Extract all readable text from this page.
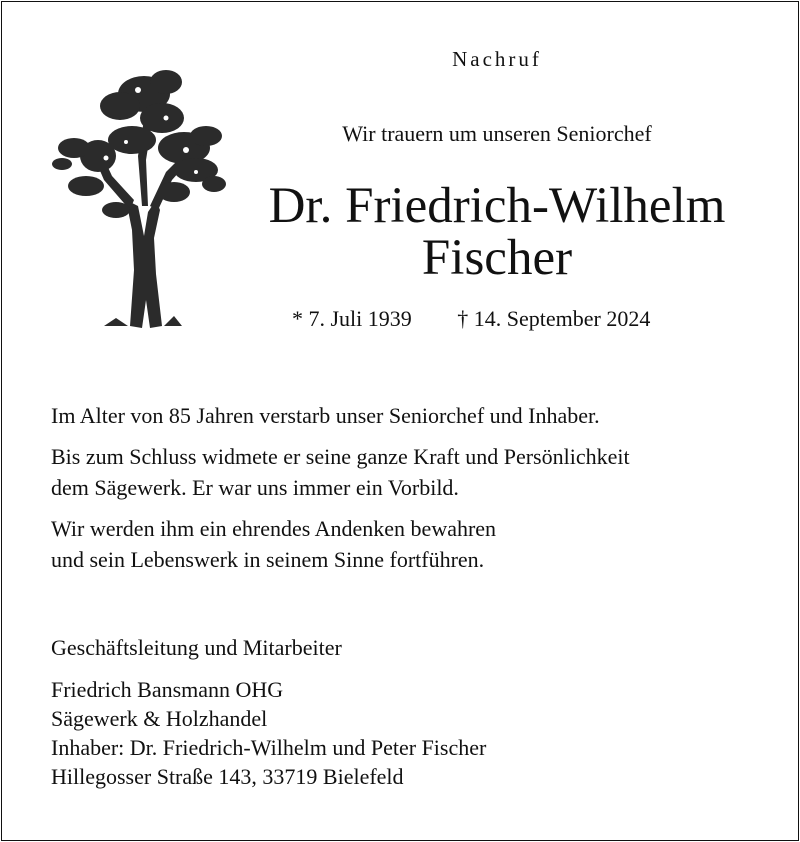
Nachruf
Wir trauern um unseren Seniorchef
Dr. Friedrich-Wilhelm
Fischer
* 7. Juli 1939 † 14. September 2024

Im Alter von 85 Jahren verstarb unser Seniorchef und Inhaber.

Bis zum Schluss widmete er seine ganze Kraft und Persönlichkeit
dem Sägewerk. Er war uns immer ein Vorbild.

Wir werden ihm ein ehrendes Andenken bewahren
und sein Lebenswerk in seinem Sinne fortführen.

Geschäftsleitung und Mitarbeiter
Friedrich Bansmann OHG
Sägewerk & Holzhandel
Inhaber: Dr. Friedrich-Wilhelm und Peter Fischer
Hillegosser Straße 143, 33719 Bielefeld
